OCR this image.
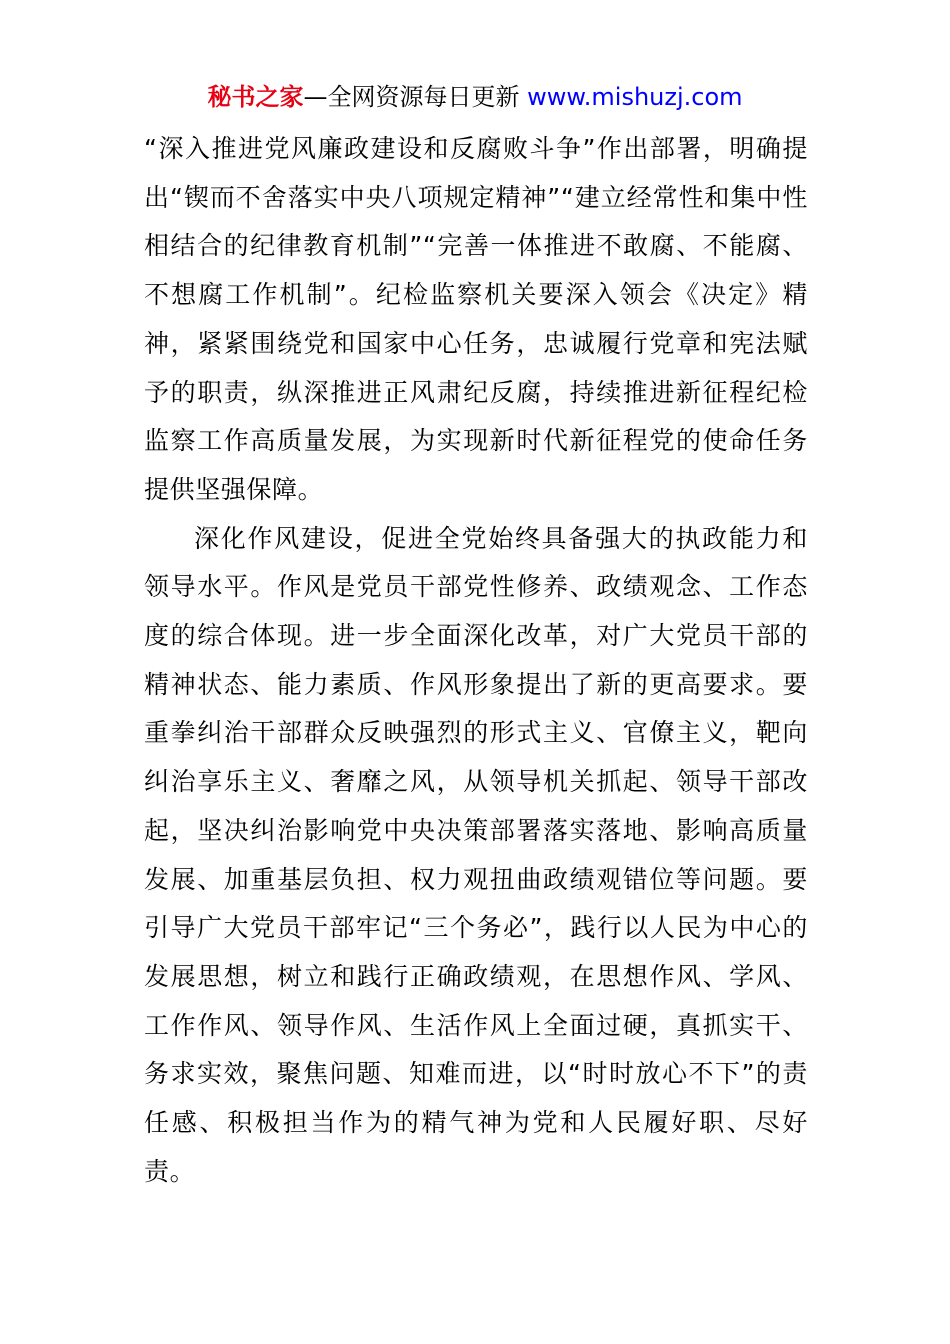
秘书之家—全网资源每日更新 www.mishuzj.com

“深入推进党风廉政建设和反腐败斗争”作出部署，明确提出“锲而不舍落实中央八项规定精神”“建立经常性和集中性相结合的纪律教育机制”“完善一体推进不敢腐、不能腐、不想腐工作机制”。纪检监察机关要深入领会《决定》精神，紧紧围绕党和国家中心任务，忠诚履行党章和宪法赋予的职责，纵深推进正风肃纪反腐，持续推进新征程纪检监察工作高质量发展，为实现新时代新征程党的使命任务提供坚强保障。

深化作风建设，促进全党始终具备强大的执政能力和领导水平。作风是党员干部党性修养、政绩观念、工作态度的综合体现。进一步全面深化改革，对广大党员干部的精神状态、能力素质、作风形象提出了新的更高要求。要重拳纠治干部群众反映强烈的形式主义、官僚主义，靶向纠治享乐主义、奢靡之风，从领导机关抓起、领导干部改起，坚决纠治影响党中央决策部署落实落地、影响高质量发展、加重基层负担、权力观扭曲政绩观错位等问题。要引导广大党员干部牢记“三个务必”，践行以人民为中心的发展思想，树立和践行正确政绩观，在思想作风、学风、工作作风、领导作风、生活作风上全面过硬，真抓实干、务求实效，聚焦问题、知难而进，以“时时放心不下”的责任感、积极担当作为的精气神为党和人民履好职、尽好责。
